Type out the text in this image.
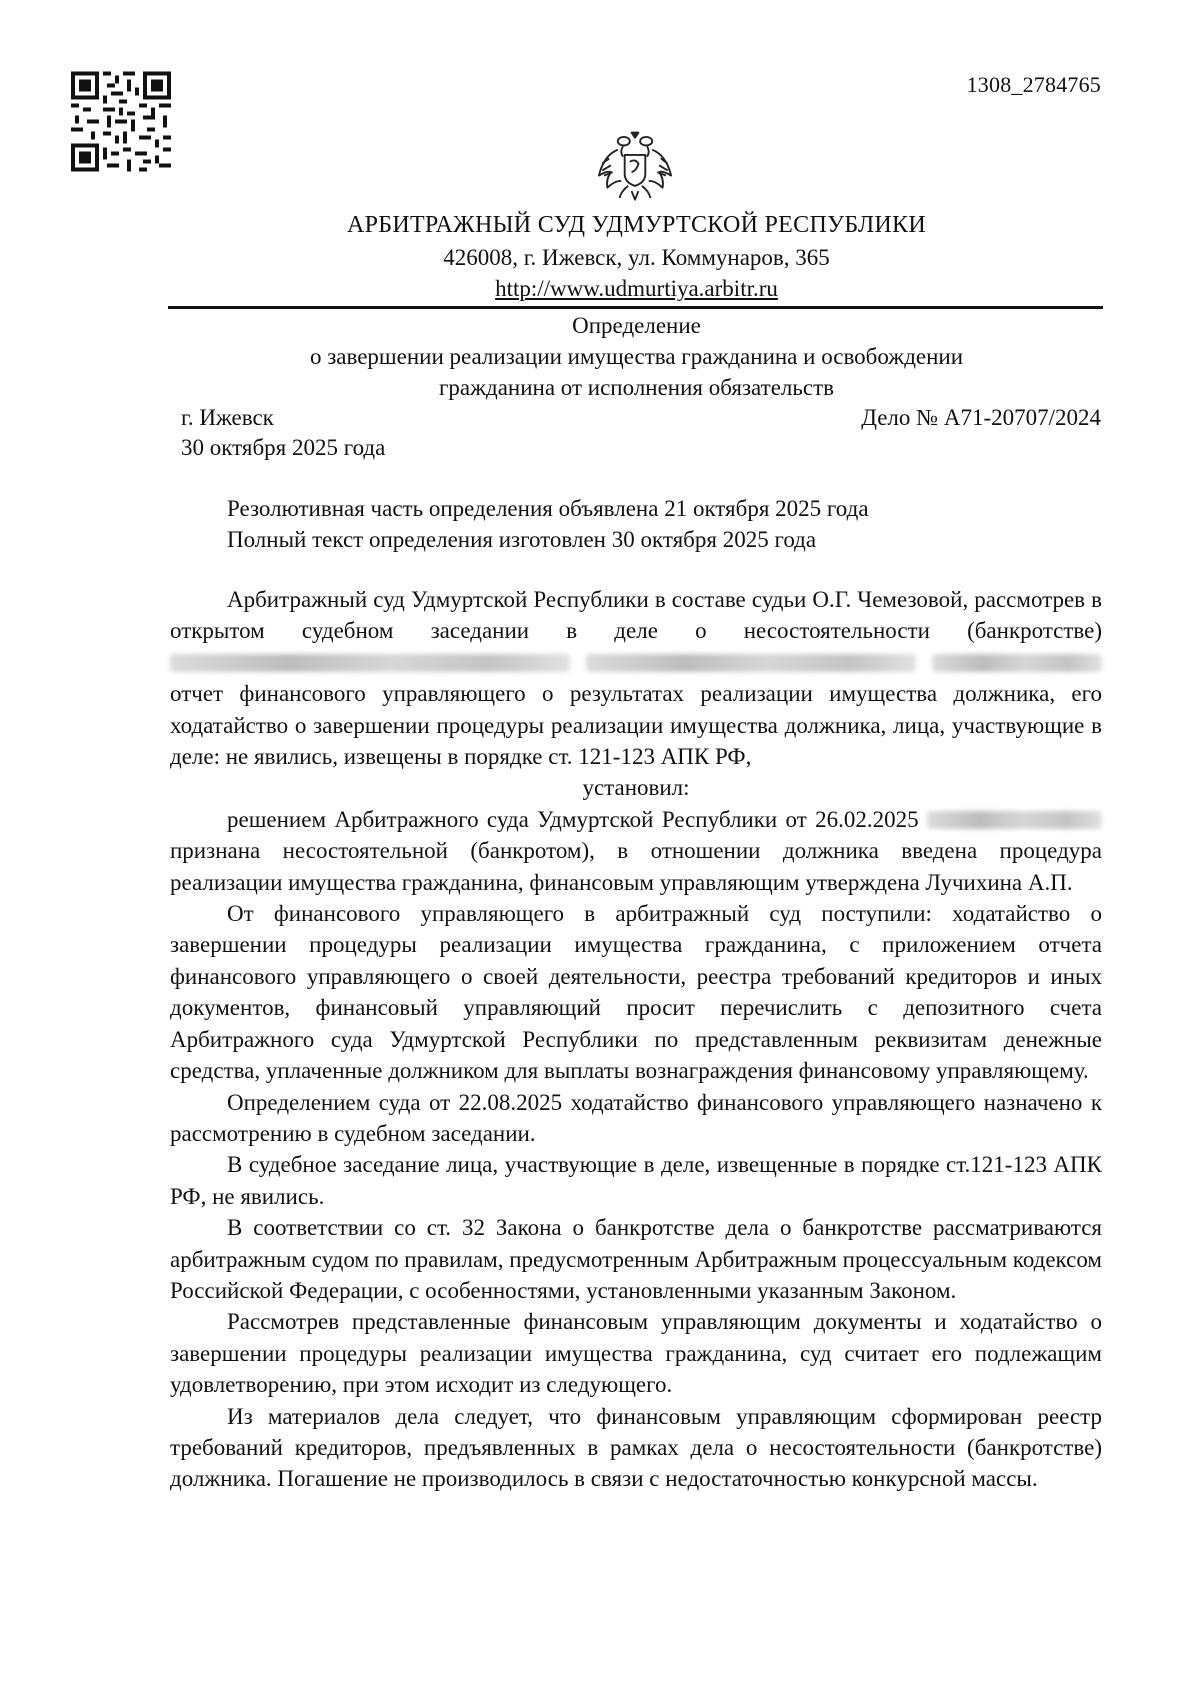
1308_2784765
АРБИТРАЖНЫЙ СУД УДМУРТСКОЙ РЕСПУБЛИКИ
426008, г. Ижевск, ул. Коммунаров, 365
http://www.udmurtiya.arbitr.ru
Определение
о завершении реализации имущества гражданина и освобождении
гражданина от исполнения обязательств
г. Ижевск	Дело № А71-20707/2024
30 октября 2025 года
Резолютивная часть определения объявлена 21 октября 2025 года
Полный текст определения изготовлен 30 октября 2025 года

Арбитражный суд Удмуртской Республики в составе судьи О.Г. Чемезовой, рассмотрев в открытом судебном заседании в деле о несостоятельности (банкротстве)    отчет финансового управляющего о результатах реализации имущества должника, его ходатайство о завершении процедуры реализации имущества должника, лица, участвующие в деле: не явились, извещены в порядке ст. 121-123 АПК РФ,

установил:

решением Арбитражного суда Удмуртской Республики от 26.02.2025  признана несостоятельной (банкротом), в отношении должника введена процедура реализации имущества гражданина, финансовым управляющим утверждена Лучихина А.П.

От финансового управляющего в арбитражный суд поступили: ходатайство о завершении процедуры реализации имущества гражданина, с приложением отчета финансового управляющего о своей деятельности, реестра требований кредиторов и иных документов, финансовый управляющий просит перечислить с депозитного счета Арбитражного суда Удмуртской Республики по представленным реквизитам денежные средства, уплаченные должником для выплаты вознаграждения финансовому управляющему.

Определением суда от 22.08.2025 ходатайство финансового управляющего назначено к рассмотрению в судебном заседании.

В судебное заседание лица, участвующие в деле, извещенные в порядке ст.121-123 АПК РФ, не явились.

В соответствии со ст. 32 Закона о банкротстве дела о банкротстве рассматриваются арбитражным судом по правилам, предусмотренным Арбитражным процессуальным кодексом Российской Федерации, с особенностями, установленными указанным Законом.

Рассмотрев представленные финансовым управляющим документы и ходатайство о завершении процедуры реализации имущества гражданина, суд считает его подлежащим удовлетворению, при этом исходит из следующего.

Из материалов дела следует, что финансовым управляющим сформирован реестр требований кредиторов, предъявленных в рамках дела о несостоятельности (банкротстве) должника. Погашение не производилось в связи с недостаточностью конкурсной массы.
